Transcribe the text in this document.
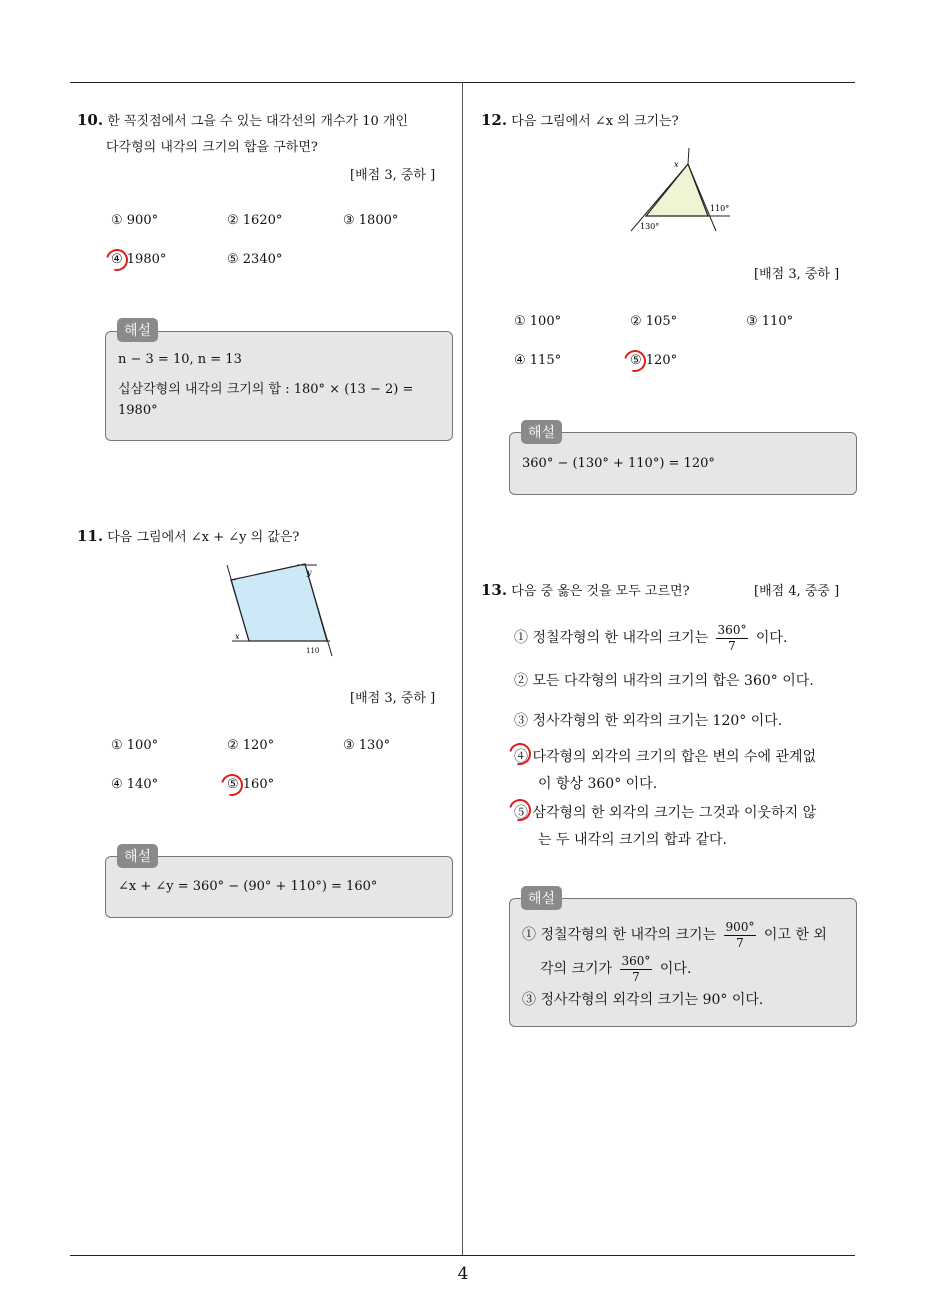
4
10. 한 꼭짓점에서 그을 수 있는 대각선의 개수가 10 개인
다각형의 내각의 크기의 합을 구하면?
[배점 3, 중하 ]
① 900°	② 1620°	③ 1800°
④ 1980°	⑤ 2340°
n − 3 = 10, n = 13
십삼각형의 내각의 크기의 합 : 180° × (13 − 2) =
1980°
해설
11. 다음 그림에서 ∠x + ∠y 의 값은?
-
y
x
110
[배점 3, 중하 ]
① 100°	② 120°	③ 130°
④ 140°	⑤ 160°
∠x + ∠y = 360° − (90° + 110°) = 160°
해설
12. 다음 그림에서 ∠x 의 크기는?
x
110°
130°
[배점 3, 중하 ]
① 100°	② 105°	③ 110°
④ 115°	⑤ 120°
360° − (130° + 110°) = 120°
해설
13. 다음 중 옳은 것을 모두 고르면?	[배점 4, 중중 ]
① 정칠각형의 한 내각의 크기는 $\frac{360^\circ}{7}$ 이다.
② 모든 다각형의 내각의 크기의 합은 360° 이다.
③ 정사각형의 한 외각의 크기는 120° 이다.
④ 다각형의 외각의 크기의 합은 변의 수에 관계없
이 항상 360° 이다.
⑤ 삼각형의 한 외각의 크기는 그것과 이웃하지 않
는 두 내각의 크기의 합과 같다.
① 정칠각형의 한 내각의 크기는 $\frac{900^\circ}{7}$ 이고 한 외
각의 크기가 $\frac{360^\circ}{7}$ 이다.
③ 정사각형의 외각의 크기는 90° 이다.
해설
